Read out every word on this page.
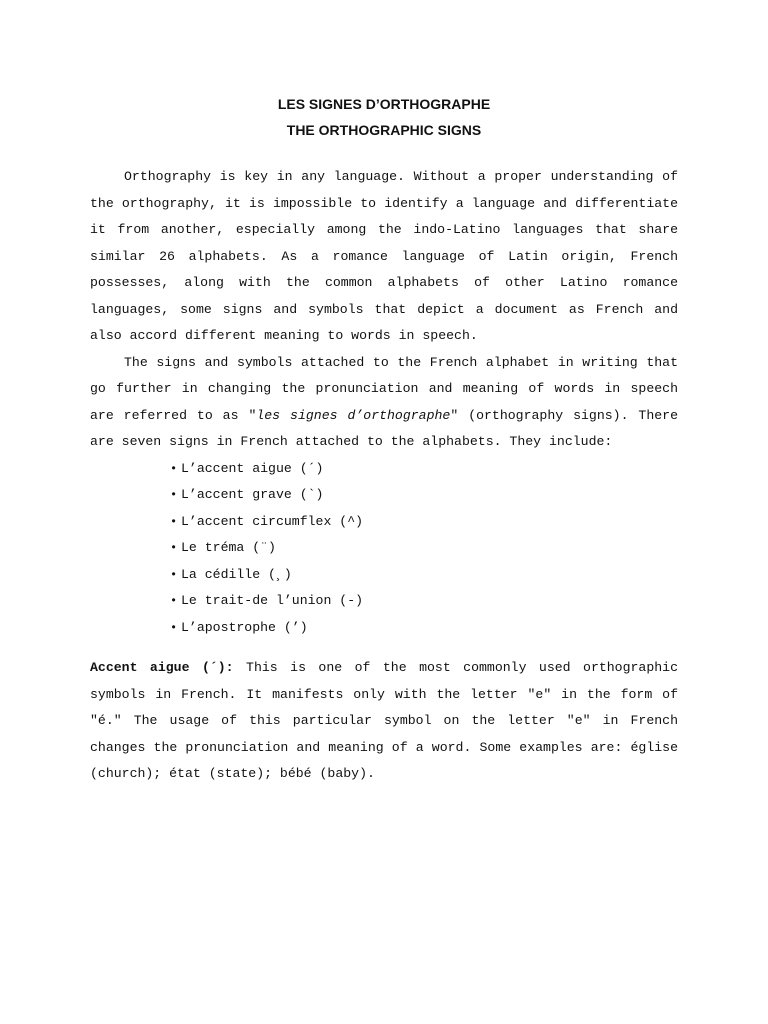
LES SIGNES D’ORTHOGRAPHE
THE ORTHOGRAPHIC SIGNS

Orthography is key in any language. Without a proper understanding of the orthography, it is impossible to identify a language and differentiate it from another, especially among the indo-Latino languages that share similar 26 alphabets. As a romance language of Latin origin, French possesses, along with the common alphabets of other Latino romance languages, some signs and symbols that depict a document as French and also accord different meaning to words in speech.

The signs and symbols attached to the French alphabet in writing that go further in changing the pronunciation and meaning of words in speech are referred to as "les signes d’orthographe" (orthography signs). There are seven signs in French attached to the alphabets. They include:

• L’accent aigue (´)
• L’accent grave (`)
• L’accent circumflex (^)
• Le tréma (¨)
• La cédille (¸)
• Le trait-de l’union (-)
• L’apostrophe (’)

Accent aigue (´): This is one of the most commonly used orthographic symbols in French. It manifests only with the letter "e" in the form of "é." The usage of this particular symbol on the letter "e" in French changes the pronunciation and meaning of a word. Some examples are: église (church); état (state); bébé (baby).
